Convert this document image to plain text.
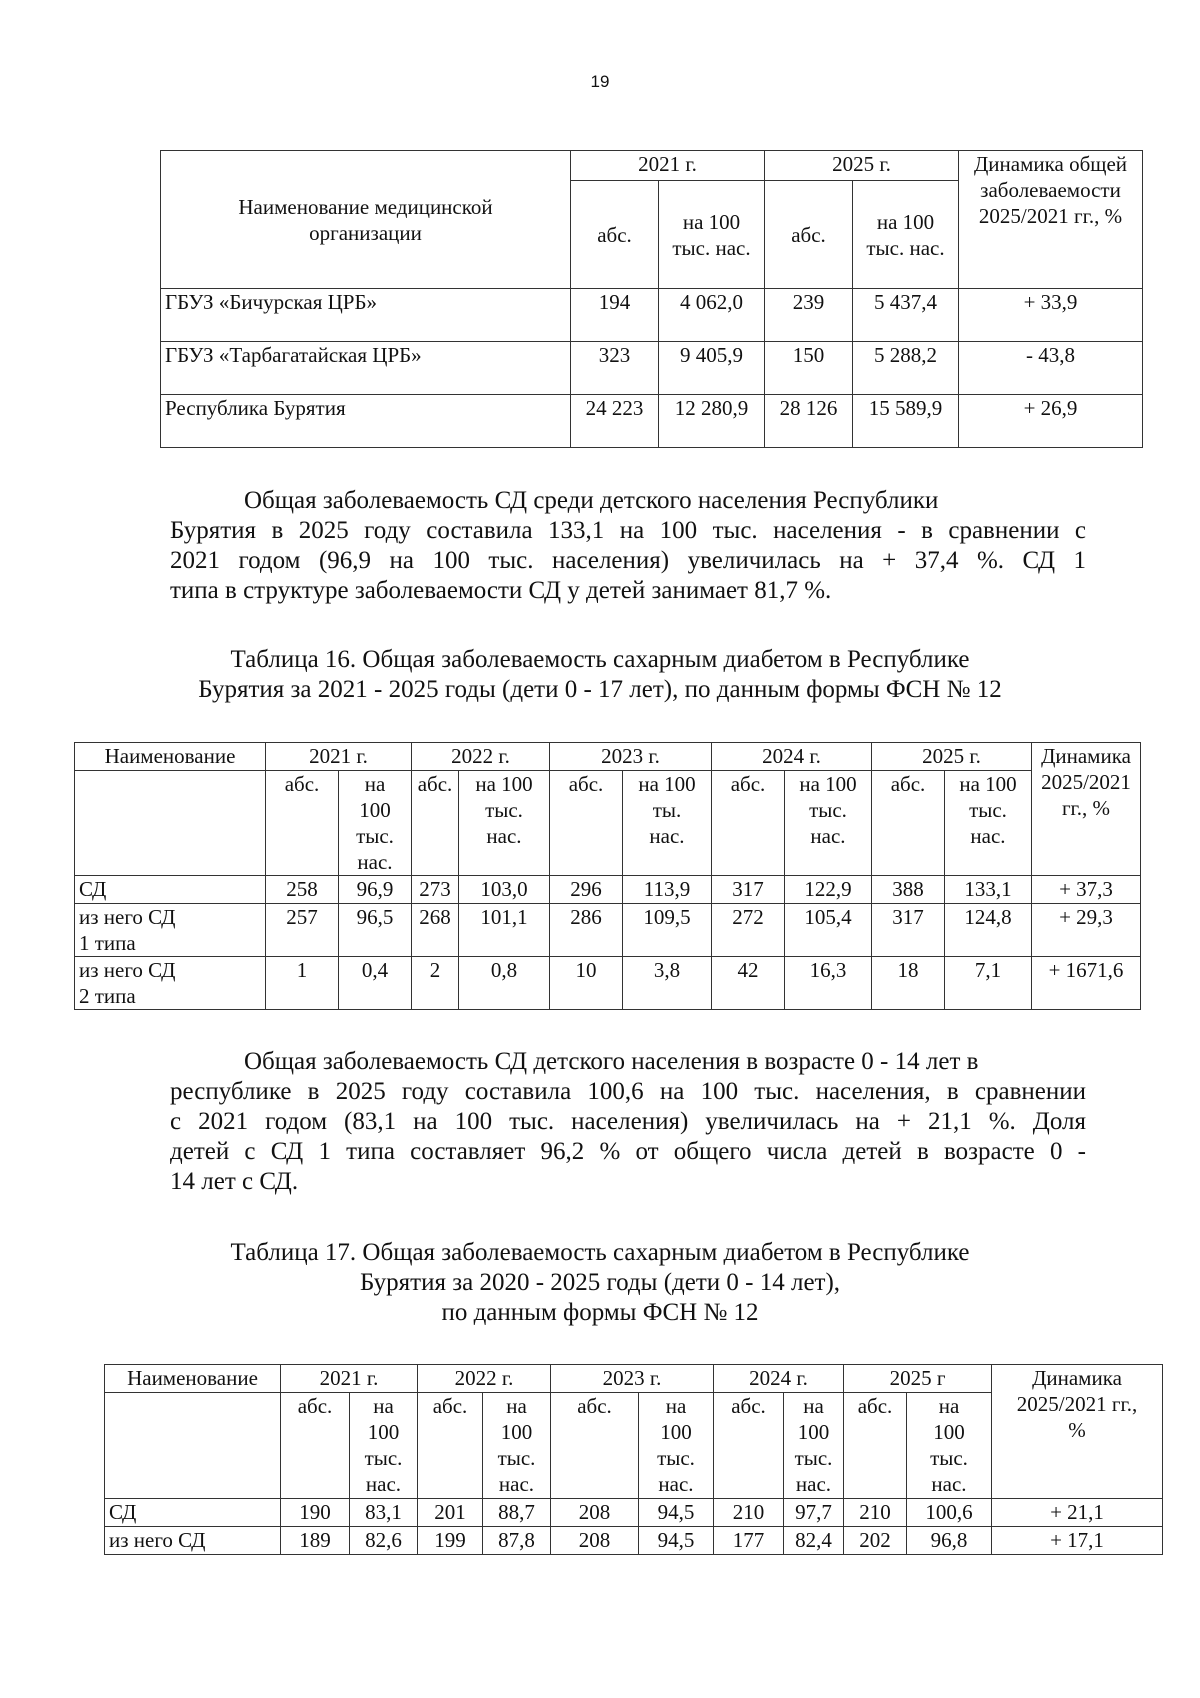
19
Наименование медицинской организации	2021 г.		2025 г.		Динамика общей заболеваемости 2025/2021 гг., %
	абс.	на 100 тыс. нас.	абс.	на 100 тыс. нас.	
ГБУЗ «Бичурская ЦРБ»	194	4 062,0	239	5 437,4	+ 33,9
ГБУЗ «Тарбагатайская ЦРБ»	323	9 405,9	150	5 288,2	- 43,8
Республика Бурятия	24 223	12 280,9	28 126	15 589,9	+ 26,9
Общая заболеваемость СД среди детского населения Республики
Бурятия в 2025 году составила 133,1 на 100 тыс. населения - в сравнении с
2021 годом (96,9 на 100 тыс. населения) увеличилась на + 37,4 %. СД 1

типа в структуре заболеваемости СД у детей занимает 81,7 %.
Таблица 16. Общая заболеваемость сахарным диабетом в Республике
Бурятия за 2021 - 2025 годы (дети 0 - 17 лет), по данным формы ФСН № 12
Наименование	2021 г.		2022 г.		2023 г.		2024 г.		2025 г.		Динамика 2025/2021 гг., %
	абс.	на 100 тыс. нас.	абс.	на 100 тыс. нас.	абс.	на 100 ты. нас.	абс.	на 100 тыс. нас.	абс.	на 100 тыс. нас.	
СД	258	96,9	273	103,0	296	113,9	317	122,9	388	133,1	+ 37,3
из него СД 1 типа	257	96,5	268	101,1	286	109,5	272	105,4	317	124,8	+ 29,3
из него СД 2 типа	1	0,4	2	0,8	10	3,8	42	16,3	18	7,1	+ 1671,6
Общая заболеваемость СД детского населения в возрасте 0 - 14 лет в
республике в 2025 году составила 100,6 на 100 тыс. населения, в сравнении
с 2021 годом (83,1 на 100 тыс. населения) увеличилась на + 21,1 %. Доля
детей с СД 1 типа составляет 96,2 % от общего числа детей в возрасте 0 -

14 лет с СД.
Таблица 17. Общая заболеваемость сахарным диабетом в Республике
Бурятия за 2020 - 2025 годы (дети 0 - 14 лет),
по данным формы ФСН № 12
Наименование	2021 г.		2022 г.		2023 г.		2024 г.		2025 г		Динамика 2025/2021 гг., %
	абс.	на 100 тыс. нас.	абс.	на 100 тыс. нас.	абс.	на 100 тыс. нас.	абс.	на 100 тыс. нас.	абс.	на 100 тыс. нас.	
СД	190	83,1	201	88,7	208	94,5	210	97,7	210	100,6	+ 21,1
из него СД	189	82,6	199	87,8	208	94,5	177	82,4	202	96,8	+ 17,1
